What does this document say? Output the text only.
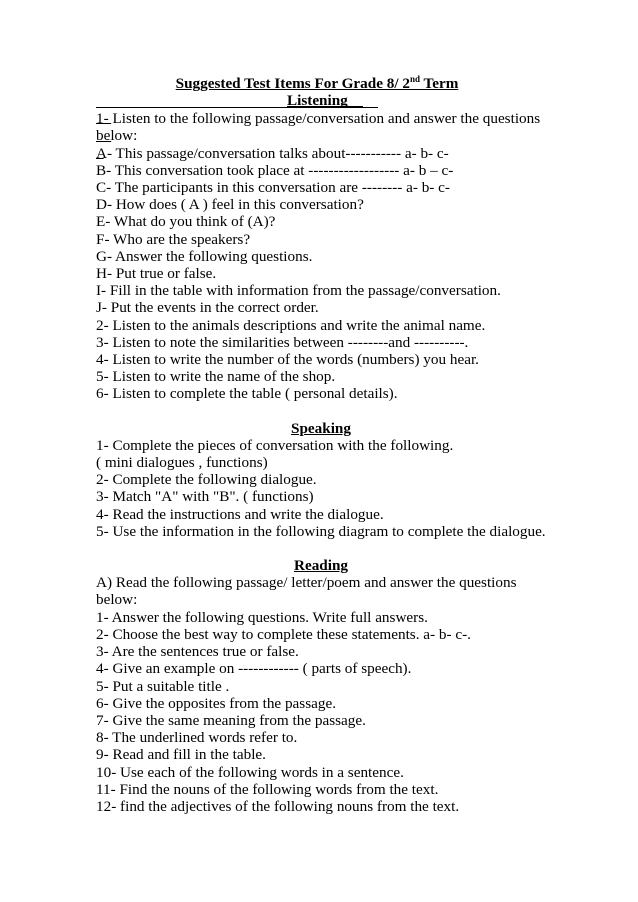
Suggested Test Items For Grade 8/ 2nd Term

Listening

1- Listen to the following passage/conversation and answer the questions below:
A- This passage/conversation talks about----------- a- b- c-
B- This conversation took place at ------------------ a- b – c-
C- The participants in this conversation are -------- a- b- c-
D- How does ( A ) feel in this conversation?
E- What do you think of (A)?
F- Who are the speakers?
G- Answer the following questions.
H- Put true or false.
I- Fill in the table with information from the passage/conversation.
J- Put the events in the correct order.
2- Listen to the animals descriptions and write the animal name.
3- Listen to note the similarities between --------and ----------.
4- Listen to write the number of the words (numbers) you hear.
5- Listen to write the name of the shop.
6- Listen to complete the table ( personal details).
Speaking
1- Complete the pieces of conversation with the following.
( mini dialogues , functions)
2- Complete the following dialogue.
3- Match "A" with "B". ( functions)
4- Read the instructions and write the dialogue.
5- Use the information in the following diagram to complete the dialogue.
Reading
A) Read the following passage/ letter/poem and answer the questions below:
1- Answer the following questions. Write full answers.
2- Choose the best way to complete these statements. a- b- c-.
3- Are the sentences true or false.
4- Give an example on ------------ ( parts of speech).
5- Put a suitable title .
6- Give the opposites from the passage.
7- Give the same meaning from the passage.
8- The underlined words refer to.
9- Read and fill in the table.
10- Use each of the following words in a sentence.
11- Find the nouns of the following words from the text.
12- find the adjectives of the following nouns from the text.
